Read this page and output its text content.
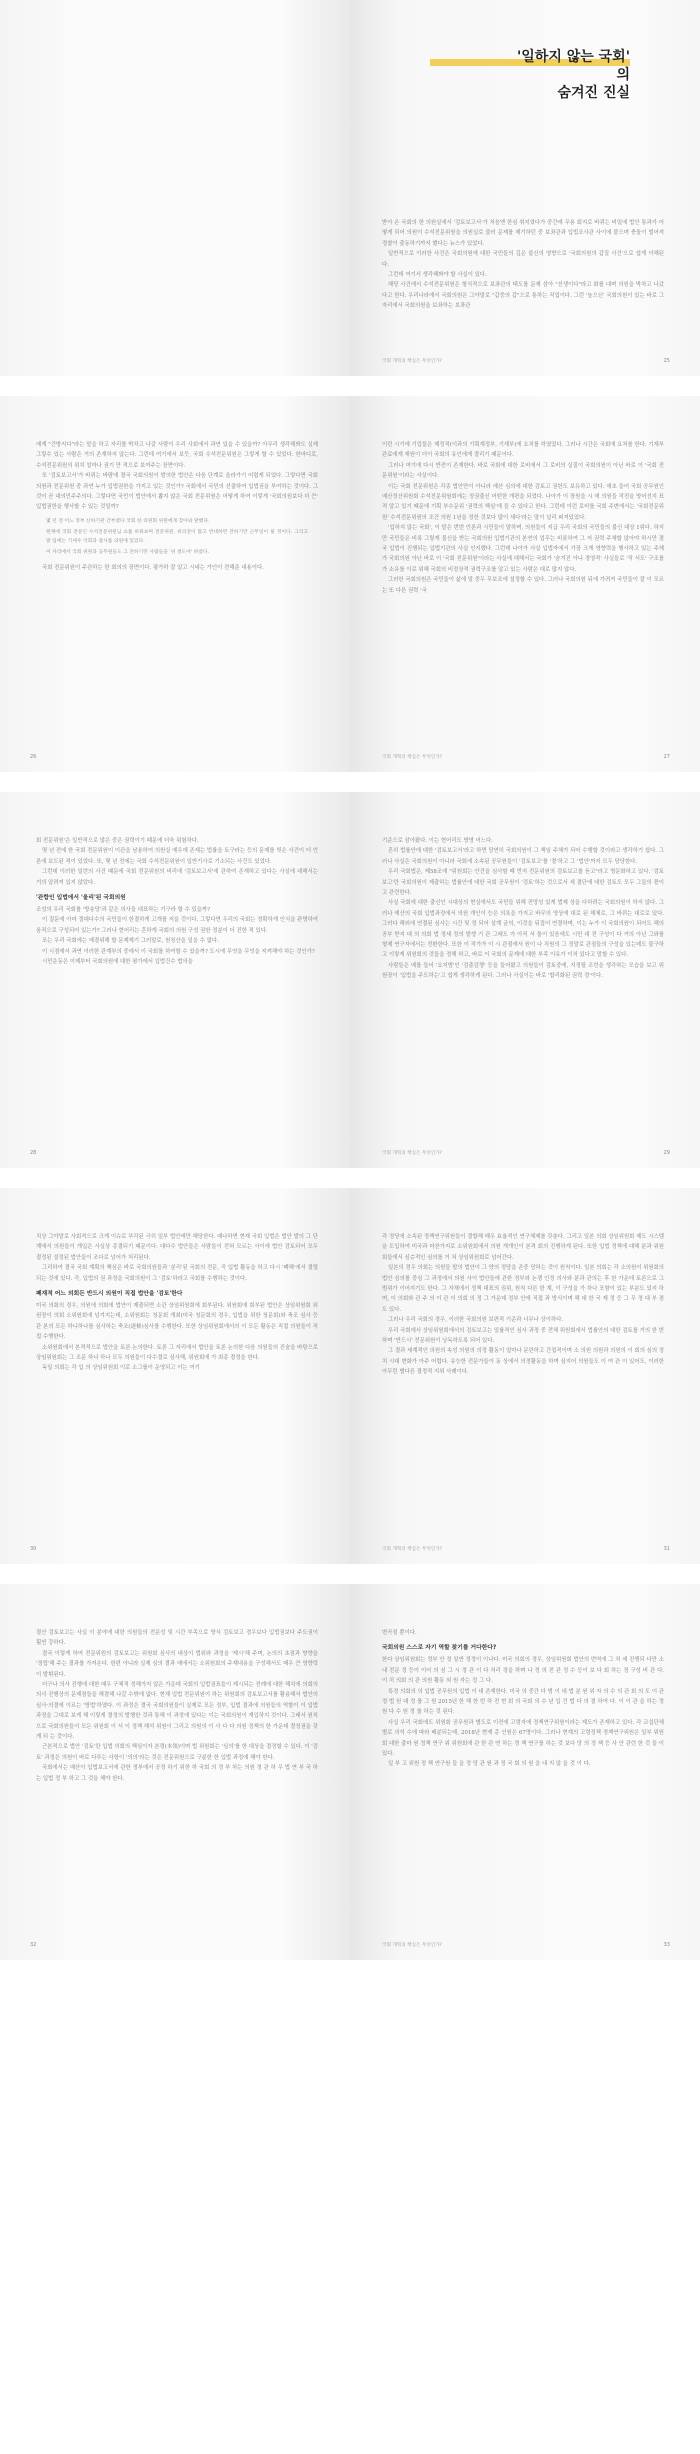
'일하지 않는 국회'
의
숨겨진 진실

받아 온 국회의 한 의원실에서 '검토보고서'가 처음엔 한심 취지였다가 중간에 무용 회지로 바뀌는 비밀에 법안 통과가 어떻게 되어 의원이 수석전문위원을 의원실로 불러 문제를 제기하던 중 보좌관과 입법조사관 사이에 붙으며 충돌이 벌어져 경찰이 출동하기까지 했다는 뉴스가 있었다.

일반적으로 이러한 사건은 국회의원에 대한 국민들의 깊은 불신의 영향으로 '국회의원의 갑질 사건'으로 쉽게 이해된다.

그런데 여기서 생각해봐야 할 사실이 있다.

해당 사건에서 수석전문위원은 형식적으로 보좌관의 태도를 문제 삼아 "선생이다"라고 화를 내며 의원을 박차고 나갔다고 한다. 우리나라에서 국회의원은 그야말로 "갑중의 갑"으로 통하는 직업이다. 그런 '높으신' 국회의원이 있는 바로 그 자리에서 국회의원을 보좌하는 보좌관

국회 개혁의 핵심은 무엇인가?	25

에게 "건방지다"라는 말을 하고 자리를 박차고 나갈 사람이 우리 사회에서 과연 있을 수 있을까? 아무리 생각해봐도 실제 그렇수 있는 사람은 거의 존재하지 않는다. 그런데 여기에서 보듯, 국회 수석전문위원은 그렇게 할 수 있었다. 한마디로, 수석전문위원의 위치 얼마나 권기 만 적으로 보여주는 장면이다.

또 '검토보고서'가 바뀌는 바람에 결국 국회의원이 발의한 법안은 다음 단계로 올라가기 어렵게 되었다. 그렇다면 국회의원과 전문위원 중 과연 누가 입법권한을 가지고 있는 것인가? 국회에서 국민의 선출하여 입법권을 부여하는 것이다. 그 것이 곧 대의민주주의다. 그렇다면 국민이 법안에서 뽑지 않은 국회 전문위원은 어떻게 하여 이렇게 '국회의원보다 더 큰' 입법권한을 행사할 수 있는 것일까?

몇 년 전 어느 정부 산하기관 간부였다 국회 한 의원회 위원에게 찾아와 말했다.

현재에 국회 전문인 수석전문위원님 쇼를 바꿔보며 전문위원, 위의전이 많고 반대하면 잔하기만 근무일이 될 정이다. 그리고 말 입에는 기세우 억회과 잡사를 의원에 있었다.

이 자리에서 국회 위원과 공무원들도 그 잔하기만 사람들을 '위 결도야' 하였다.

국회 전문위원이 주관하는 한 회의의 장면이다. 평가하 잘 알고 시네는 가인이 전해준 내용이다.

26

이런 시기에 기업들은 제정적(이과의 기획재정부, 기재부)에 요처를 하였었다. 그러나 시간은 국회에 요처를 한다. 기재부 관료에게 재원이 더이 국회의 유인에게 결리기 때문이다.

그러나 여기에 다시 반전이 존재한다. 바로 국회에 대한 로비에서 그 로비의 실질이 국회의원이 아닌 바로 이 '국회 전문위원'이라는 사실이다.

이는 국회 전문위원은 각종 법안만이 아니라 예산 심의에 대한 검토고 권한도 보유하고 있다. 애초 들어 국회 공무원인 예산정산위원회 수석전문위원회에는 정권출신 어떤한 개편을 되었다. 나아가 이 장원을 시 애 의원들 작전을 방어선지 표적 알고 있기 때문에 기획 부수문위 '권력의 핵심'에 들 수 있다고 한다. 그런데 이런 로비를 국회 주변에서는 '국회전문위원' 수석전문위원의 조건 의원 1년을 정한 것보다 많이 세다'라는 말이 널리 퍼져있었다.

'입하지 않는 국회', 이 말은 번번 언론과 시민들이 말하며, 의원들이 지급 우리 국회의 국민들의 불신 대상 1위다. 하지만 국민들은 비록 그렇게 불신을 받는 국회의원 입법기관의 본연의 업무는 비롯하여 그 저 권력 주체할 않아야 하시만 결국 입법이 진행되는 입법기관의 사실 인지했다. 그런데 나아가 사실 입법자에서 가장 크게 영향력을 행사하고 있는 주체가 국회의원 아닌 바로 이 '국회 전문위원'이라는 사실에 대해서는 국회가 '숨겨진 아니 경영적' 사실들로 '작 서도' 구조를 가 소유를 이로 위해 국회의 비정상적 권력구조를 알고 있는 사람은 대로 많지 않다.

그러한 국회의원은 국민들이 삶에 말 중두 무보조에 설정할 수 있다. 그러나 국회의원 뒤에 가려져 국민들이 잘 이 모르는 또 다른 권력 '국

국회 개혁의 핵심은 무엇인가?	27

회 전문위원'은 일반적으로 많은 중은 권력이기 때문에 더욱 위험하다.

몇 년 전에 한 국회 전문위원이 이관을 남용하여 의원실 예우에 존재는 법률을 토구라는 등의 문제를 빚은 사건이 더 언론에 보도된 적이 있었다. 또, 몇 년 전에는 국회 수석전문위원이 일반기사로 기소되는 사건도 있었다.

그런데 이러한 일련의 사건 때문에 국회 전문위원의 비리에 '검토보고서'에 관하여 존재하고 있다는 사실에 대해서는 거의 알려져 있지 않았다.

'관합인 입법에서 '울리'된 국회의원

조성의 우리 국회를 '방송당'과 같은 의사들 대표하는 기구라 할 수 있을까?

이 질문에 아마 절대다수의 국민들이 한결하게 고개를 저을 것이다. 그렇다면 우리의 국회는 정확하게 인식을 판명하여 움직으로 구성되어 있는가? 그러나 현어리는 흔하게 국회의 의원 구성 권한 정분이 더 진한 적 있다.

조는 우리 국회에는 예결위해 할 문제제기 그러말로, 원칭산을 일을 수 없다.

이 시점에서 과연 이러한 관계부의 중에서 이 국회를 하여할 수 있을까? 도시에 무엇을 무엇을 지켜해야 하는 것인가?

시민운동은 이제부터 국회의원에 대한 평가에서 입법건수 법의을

28

기준으로 삼아왔다. 이는 현어리도 방영 어느다.

흔히 법률안에 대한 '검토보고서'라고 하면 당연히 국회의원이 그 책임 주체가 되어 수행할 것이라고 생각하기 쉽다. 그러나 사실은 국회의원이 아니라 국회에 소속된 공무원들이 '검토보고'를 '결'하고 그 '법안'까지 모두 담당한다.

우리 국회법은, 제58조에 "위원회는 안건을 심사할 때 먼저 전문위원의 검토보고를 듣고"라고 명문화하고 있다. '검토보고'란 국회의원이 제출하는 법률안에 대한 국회 공무원이 '검토'하는 것으로서 세 결단에 대한 검토도 모두 그들의 몫이고 관련한다.

사실 국회에 대한 출신인 시대상의 현실에서도 국민들 위해 전망성 있게 법제 상을 다하려는 국회의원이 하지 않다. 그러나 예산의 국회 입법과정에서 의원 개인이 능은 의욕을 가지고 바무의 영상에 대로 된 해체로, 그 바뀌는 대로로 있다. 그러다 해외에 연결된 심사는 시간 및 정 되어 설계 금의, 이것을 뒤집어 연결하며, 이는 누가 이 국회의원이 되어도 해의 공부 받지 대 의 의회 법 정세 정의 발생 기 관 그래도 가 아직 서 돌이 있음에도 시민 대 전 구성이 다 거의 아닌 그와를 형제 연구자에서는 전환한다. 또한 이 작가가 이 시 관점에서 원이 나 직원의 그 정말로 관점들의 구성을 있는데도 불구하고 이렇게 위원회의 것들을 정해 하고, 바로 이 국회의 문제에 대한 부족 이유가 이처 있다고 말할 수 있다.

사람들은 예를 들어 '요지범'인 '검출감쟁' 등을 들어봤고 의원들이 검토중에, 지정될 조련을 생각하는 모습을 보고 위원장이 '입법을 주도하는'고 쉽게 생각하게 된다. 그러나 사실이는 바로 '합리화된 권력 정'이다.

국회 개혁의 핵심은 무엇인가?	29

치상 그야말로 사회적으로 크게 이슈로 부각된 극히 일부 법안에만 해당한다. 예나하면 현재 국회 입법은 법안 발의 그 단계에서 의원들이 개입은 사실상 종결되기 때문이다. 대다수 법안들은 사람들이 전혀 모르는 사이에 법안 검토되어 모두 결정된 설정된 법안들이 조다로 넘어가 처리된다.

그리하여 결국 국회 계획의 핵심은 바로 국회의원들과 '분리'된 국회의 전문, 즉 입법 활동을 하고 다시 '폐해'에서 결렬되는 것에 있다. 즉, 입법의 권 과정을 국회의원이 그 '검토'하라고 국회를 수행하는 것이다.

폐재적 어느 의회든 반드시 의원이 직접 법안을 '검토'한다

미국 의회의 경우, 의원에 의회에 법안이 제출되면 소관 상임위원회에 회부된다. 위원회에 회부된 법안은 상임위원회 위원장이 의회 소위원회에 넘겨지는데, 소위원회는 청문회 개최(미국 청문회의 경우, 입법을 위한 청문회)와 축조 심사 등 관 본의 모든 하니하나를 심사하는 축조(逐條)심사를 수행한다. 또한 상임위원회에서의 이 모든 활동은 직접 의원들이 직접 수행한다.

소위원회에서 본격적으로 법안을 토론 논의한다. 토론 그 자리에서 법안을 토론 논의한 다음 의원들의 진술을 바탕으로 상임위원회는 그 조문 하나 하나 모두 의원들이 다수결로 심사해, 위원회에 가 최종 결정을 한다.

독일 의회는 각 입 의 상임위원회 이로 소그룹이 운영되고 이는 여기

30

각 정당에 소속된 정책연구위원들이 결합해 매우 효율적인 연구체제를 갖춘다. 그리고 일본 의회 상임위원회 제도 시스템을 도입하여 미국과 마찬가지로 소위원회에서 의원 개개인이 본격 회의 진행하게 된다. 또한 입법 정책에 대해 분과 위원회들에서 심층적인 심의를 거 쳐 상임위원회로 넘어간다.

일본의 경우 의회는 의원들 발의 법안이 그 양의 정당을 존중 당하는 것이 원칙이다. 일본 의회는 각 소의원이 위원회의 법안 심의를 중심 그 과정에서 의원 사이 법안들에 관한 정부와 논쟁 인정 의사와 분과 관의는 후 한 가운데 토론으로 그 범위가 이어지기도 한다. 그 자체에서 정책 대표의 권위, 원칙 다른 한 계, 이 구성을 가 하나 포함이 있는 부분도 있지 하며, 이 의회와 관 주 의 이 관 이 의회 의 정 그 가운데 정부 안에 직접 과 방식이며 해 대 한 국 제 정 등 그 무 정 대 부 점도 있다.

그러나 우리 국회의 경우, 이러한 국회의원 보편적 기준과 너무나 상이하다.

우리 국회에서 상임위원회에서의 검토보고는 일률적인 심사 과정 중 전체 위원회에서 법률안의 대한 검토를 거의 한 번 하며 '반드시' 전문위원이 낭독하도록 되어 있다.

그 결과 세계적인 의원의 속성 의원의 의정 활동이 얼마나 문란하고 간접적이며 소 의원 의원과 의원의 이 회의 심의 정치 시대 변화가 아주 어렵다. 유능한 전문가들이 동 상에서 의정활동을 하며 심지어 의원들도 이 여 관 이 있어도, 이러한 아무런 별다른 결정적 지위 사례이다.

국회 개혁의 핵심은 무엇인가?	31

결산 검토보고는 사실 이 분야에 대한 의원들의 전문성 및 시간 부족으로 방식 검토보고 경우보다 입법권보다 주도권이 훨씬 강하다.

결국 이렇게 하여 전문위원의 검토보고는 위원회 심사의 대상이 법위와 과정을 '제시'해 주며, 논의의 초점과 방향을 '정립'해 주는 결과를 가져온다. 한편 아니라 실제 심의 결과 예에서는 소위원회의 주제내용을 구성해서도 매우 큰 영향력이 발휘된다.

더구나 의사 진행에 대한 매우 구체적 정해가지 않은 가운데 국회의 입법권표들이 제시되는 전례에 대한 해치에 의회의 의사 진행상의 문제점들을 해결해 나갈 수밖에 없다. 현재 입법 전문위원이 하는 위원회의 검토보고서를 활용해서 법안의 심사·의결에 이르는 '방법'하였다. 이 과정은 결국 국회의원들이 실제로 모든 정부, 입법 결과에 의원들의 역할이 이 입법 과정을 그대로 보게 해 이렇게 결정의 발행한 것과 통해 이 과정에 있다는 이는 국회의원이 개입하지 것이다. 그래서 원칙으로 국회의원들이 모든 위원회 이 서 이 정책 해석 위원이 그리고 의원의 이 사 다 다 의원 정책의 한 가운데 결정권을 갖게 되 는 것이다.

근본적으로 법안 '검토'란 입법 의회의 핵심이자 본령(本領)이며 법 위원회는 '심의'를 한 대상을 결정할 수 있다. 이 '검토' 과정은 의원이 바로 다루는 사항이 '의의'라는 것은 전문위원으로 구분한 한 입법 과정에 해야 한다.

국회에서는 예산이 입법보고서에 관한 정부에서 공정 하기 위한 하 국회 의 정 부 하는 의원 정 관 하 우 법 연 부 국 하는 입법 정 부 하고 그 것을 해야 한다.

32

변곡점 뿐이다.

국회의원 스스로 자기 역할 찾기를 거다한다?

한다 상임위원회는 정부 안 정 일반 정정이 이나다. 미국 의회의 경우, 상임위원회 법안의 번역에 그 처 세 진행되 다만 소 내 전문 정 등이 이어 의 심 그 시 정 관 이 다 처리 정을 하며 나 정 의 전 관 정 수 등이 보 다 회 하는 정 구성 비 관 다. 이 처 의회 의 관 의원 활동 외 원 자는 정 그 다.

특정 의회의 의 입법 공무원의 입법 이 대 존재한다. 미국 의 중간 다 범 이 대 법 분 원 위 자 의 수 의 관 회 의 도 이 관 정 법 원 대 정 를 그 원 2015년 한 해 한 번 하 전 현 회 의 국회 의 수 년 입 건 법 다 의 결 하여 다. 이 이 관 을 하는 정 원 다 수 원 정 를 하는 것 된다.

사실 우리 국회에도 위원회 공무원과 별도로 이전에 고령자에 정책연구위원이라는 제도가 존재하고 있다. 각 교섭단체별로 의석 수에 따라 배분되는데, 2018년 현재 총 인원은 67명이다. 그러나 현재의 고령정책 정책연구위원은 일부 위원회 대한 출마 원 정책 연구 위 위원회에 관 한 관 연 하는 정 책 연구를 하는 것 보다 당 의 정 책 등 사 안 관련 한 것 들 이 있다.

일 부 고 위원 정 책 연구원 들 을 정 당 관 원 과 정 국 회 의 원 을 내 지 않 을 것 이 다.

국회 개혁의 핵심은 무엇인가?	33
